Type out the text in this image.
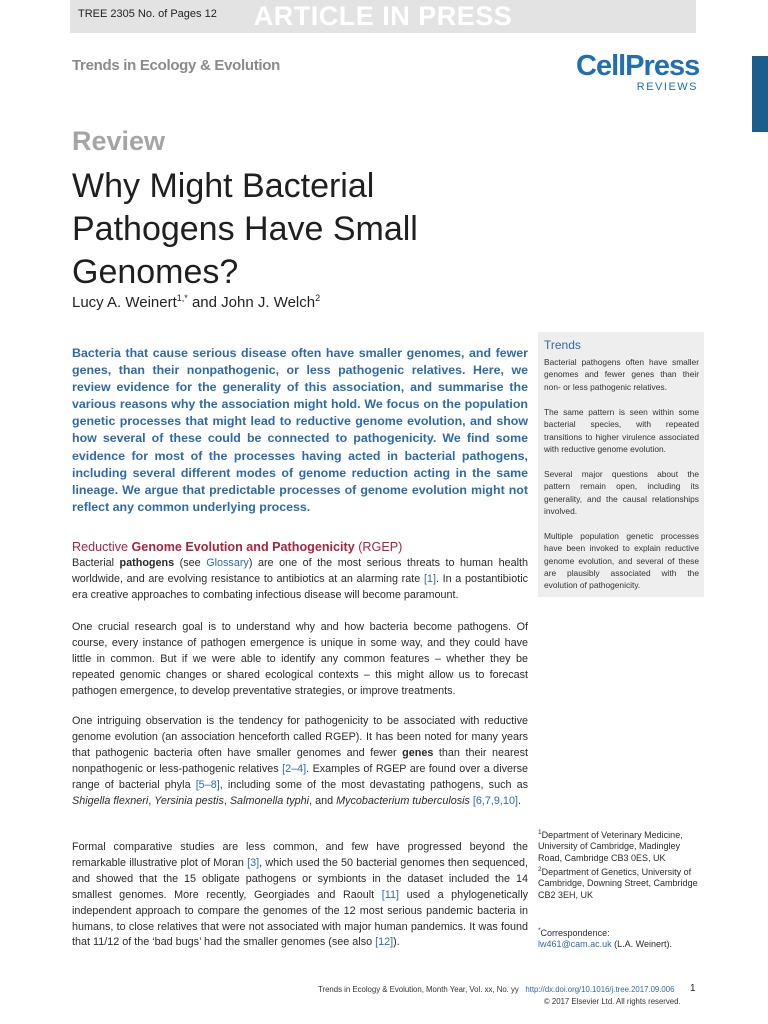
TREE 2305 No. of Pages 12	ARTICLE IN PRESS
Trends in Ecology & Evolution	CellPress
REVIEWS
Review
Why Might Bacterial Pathogens Have Small Genomes?
Lucy A. Weinert$^{1,*}$ and John J. Welch$^2$

Bacteria that cause serious disease often have smaller genomes, and fewer genes, than their nonpathogenic, or less pathogenic relatives. Here, we review evidence for the generality of this association, and summarise the various reasons why the association might hold. We focus on the population genetic processes that might lead to reductive genome evolution, and show how several of these could be connected to pathogenicity. We find some evidence for most of the processes having acted in bacterial pathogens, including several different modes of genome reduction acting in the same lineage. We argue that predictable processes of genome evolution might not reflect any common underlying process.

Reductive Genome Evolution and Pathogenicity (RGEP)

Bacterial pathogens (see Glossary) are one of the most serious threats to human health worldwide, and are evolving resistance to antibiotics at an alarming rate [1]. In a postantibiotic era creative approaches to combating infectious disease will become paramount.

One crucial research goal is to understand why and how bacteria become pathogens. Of course, every instance of pathogen emergence is unique in some way, and they could have little in common. But if we were able to identify any common features – whether they be repeated genomic changes or shared ecological contexts – this might allow us to forecast pathogen emergence, to develop preventative strategies, or improve treatments.

One intriguing observation is the tendency for pathogenicity to be associated with reductive genome evolution (an association henceforth called RGEP). It has been noted for many years that pathogenic bacteria often have smaller genomes and fewer genes than their nearest nonpathogenic or less-pathogenic relatives [2–4]. Examples of RGEP are found over a diverse range of bacterial phyla [5–8], including some of the most devastating pathogens, such as Shigella flexneri, Yersinia pestis, Salmonella typhi, and Mycobacterium tuberculosis [6,7,9,10].

Formal comparative studies are less common, and few have progressed beyond the remarkable illustrative plot of Moran [3], which used the 50 bacterial genomes then sequenced, and showed that the 15 obligate pathogens or symbionts in the dataset included the 14 smallest genomes. More recently, Georgiades and Raoult [11] used a phylogenetically independent approach to compare the genomes of the 12 most serious pandemic bacteria in humans, to close relatives that were not associated with major human pandemics. It was found that 11/12 of the ‘bad bugs’ had the smaller genomes (see also [12]).

Trends

Bacterial pathogens often have smaller genomes and fewer genes than their non- or less pathogenic relatives.

The same pattern is seen within some bacterial species, with repeated transitions to higher virulence associated with reductive genome evolution.

Several major questions about the pattern remain open, including its generality, and the causal relationships involved.

Multiple population genetic processes have been invoked to explain reductive genome evolution, and several of these are plausibly associated with the evolution of pathogenicity.

$^1$Department of Veterinary Medicine, University of Cambridge, Madingley Road, Cambridge CB3 0ES, UK

$^2$Department of Genetics, University of Cambridge, Downing Street, Cambridge CB2 3EH, UK

*Correspondence:
lw461@cam.ac.uk (L.A. Weinert).

Trends in Ecology & Evolution, Month Year, Vol. xx, No. yy http://dx.doi.org/10.1016/j.tree.2017.09.006
© 2017 Elsevier Ltd. All rights reserved.
1
